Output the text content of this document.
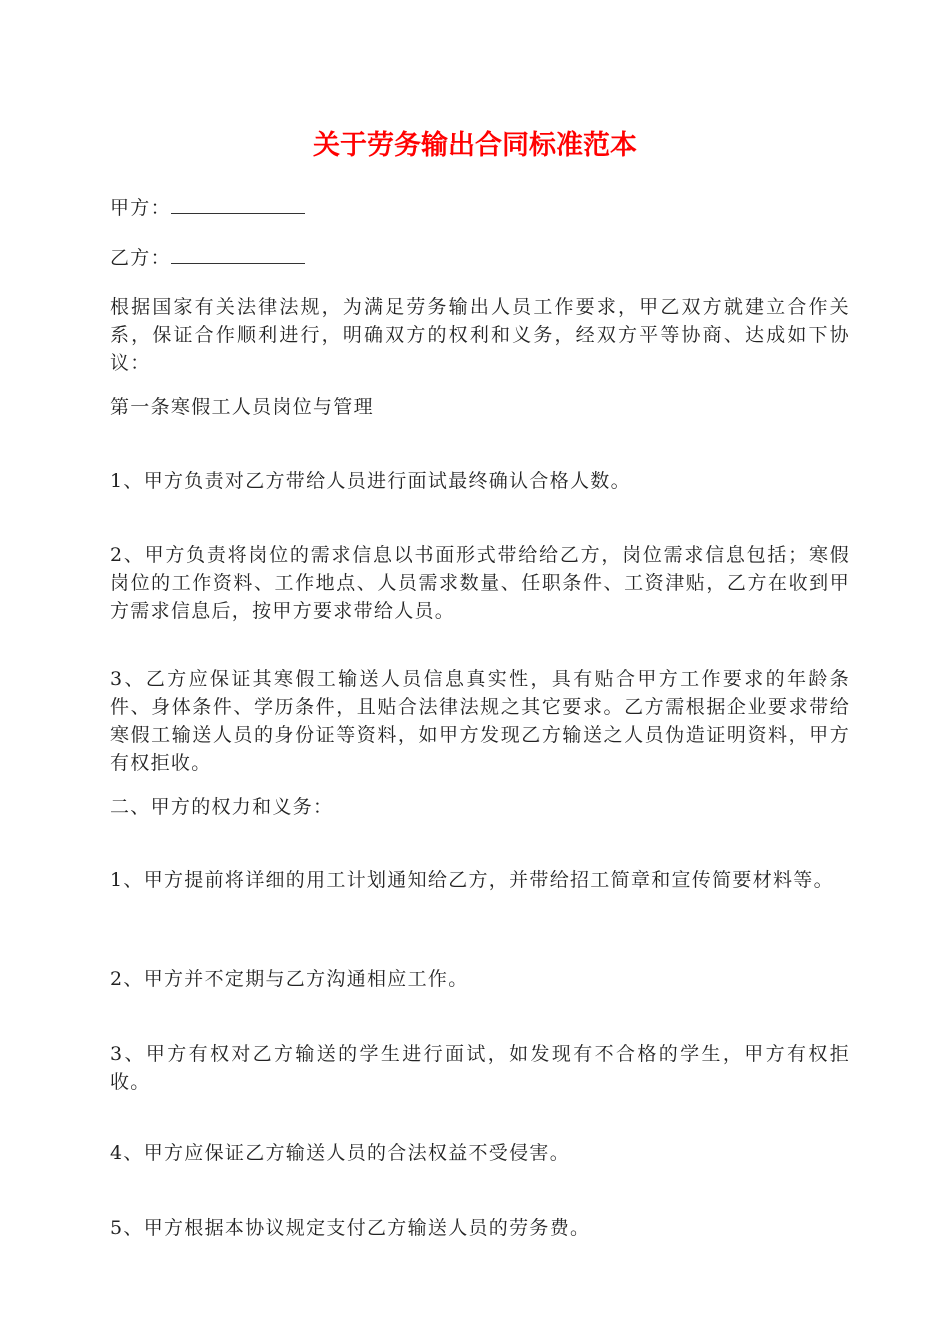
关于劳务输出合同标准范本

甲方：

乙方：

根据国家有关法律法规，为满足劳务输出人员工作要求，甲乙双方就建立合作关系，保证合作顺利进行，明确双方的权利和义务，经双方平等协商、达成如下协议：

第一条寒假工人员岗位与管理

1、甲方负责对乙方带给人员进行面试最终确认合格人数。

2、甲方负责将岗位的需求信息以书面形式带给给乙方，岗位需求信息包括；寒假岗位的工作资料、工作地点、人员需求数量、任职条件、工资津贴，乙方在收到甲方需求信息后，按甲方要求带给人员。

3、乙方应保证其寒假工输送人员信息真实性，具有贴合甲方工作要求的年龄条件、身体条件、学历条件，且贴合法律法规之其它要求。乙方需根据企业要求带给寒假工输送人员的身份证等资料，如甲方发现乙方输送之人员伪造证明资料，甲方有权拒收。

二、甲方的权力和义务：

1、甲方提前将详细的用工计划通知给乙方，并带给招工简章和宣传简要材料等。

2、甲方并不定期与乙方沟通相应工作。

3、甲方有权对乙方输送的学生进行面试，如发现有不合格的学生，甲方有权拒收。

4、甲方应保证乙方输送人员的合法权益不受侵害。

5、甲方根据本协议规定支付乙方输送人员的劳务费。
